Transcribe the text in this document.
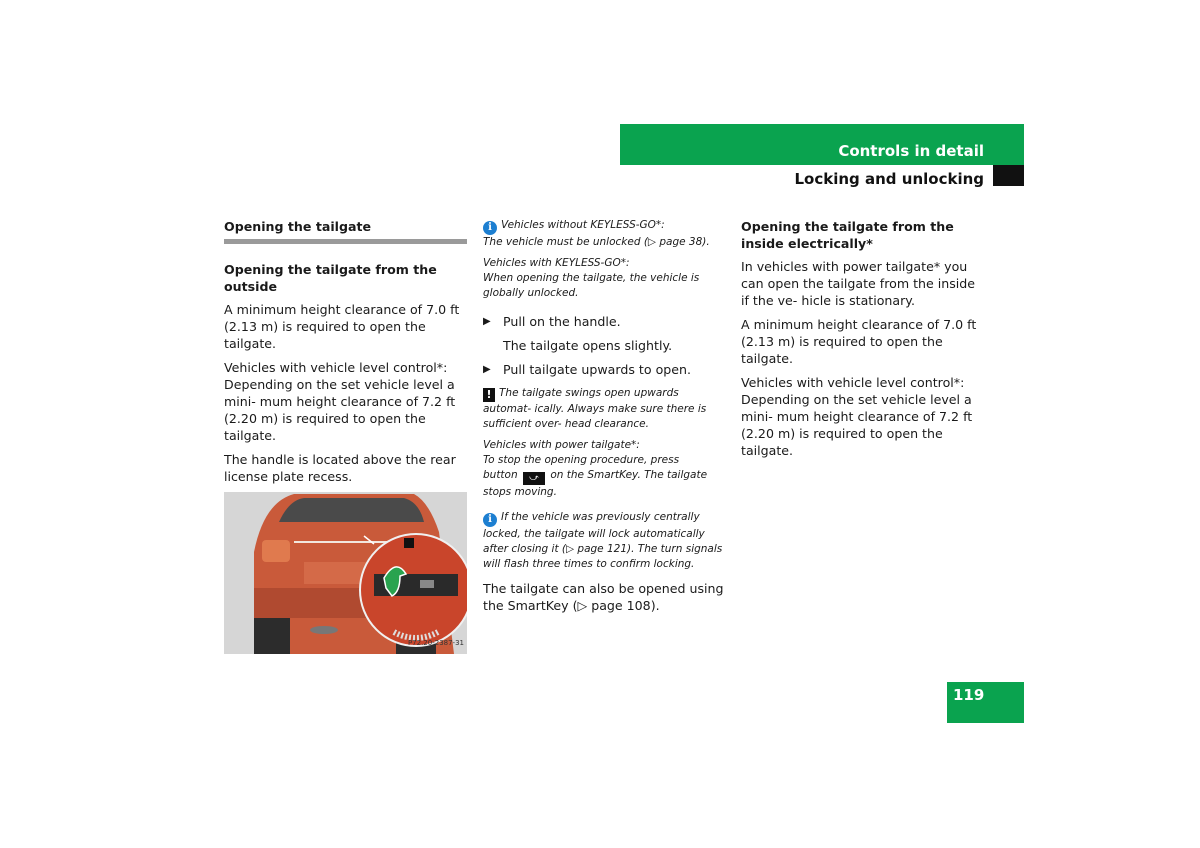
Controls in detail
Locking and unlocking
Opening the tailgate
Opening the tailgate from the outside

A minimum height clearance of 7.0 ft (2.13 m) is required to open the tailgate.

Vehicles with vehicle level control*: Depending on the set vehicle level a mini- mum height clearance of 7.2 ft (2.20 m) is required to open the tailgate.

The handle is located above the rear license plate recess.

P72.20-2387-31
i Vehicles without KEYLESS-GO*:
The vehicle must be unlocked (▷ page 38).
Vehicles with KEYLESS-GO*:
When opening the tailgate, the vehicle is globally unlocked.
▶ Pull on the handle.
The tailgate opens slightly.
▶ Pull tailgate upwards to open.
! The tailgate swings open upwards automat- ically. Always make sure there is sufficient over- head clearance.
Vehicles with power tailgate*:
To stop the opening procedure, press
button ⤻ on the SmartKey. The tailgate stops moving.
i If the vehicle was previously centrally locked, the tailgate will lock automatically after closing it (▷ page 121). The turn signals will flash three times to confirm locking.

The tailgate can also be opened using the SmartKey (▷ page 108).

Opening the tailgate from the inside electrically*

In vehicles with power tailgate* you can open the tailgate from the inside if the ve- hicle is stationary.

A minimum height clearance of 7.0 ft (2.13 m) is required to open the tailgate.

Vehicles with vehicle level control*: Depending on the set vehicle level a mini- mum height clearance of 7.2 ft (2.20 m) is required to open the tailgate.

119
